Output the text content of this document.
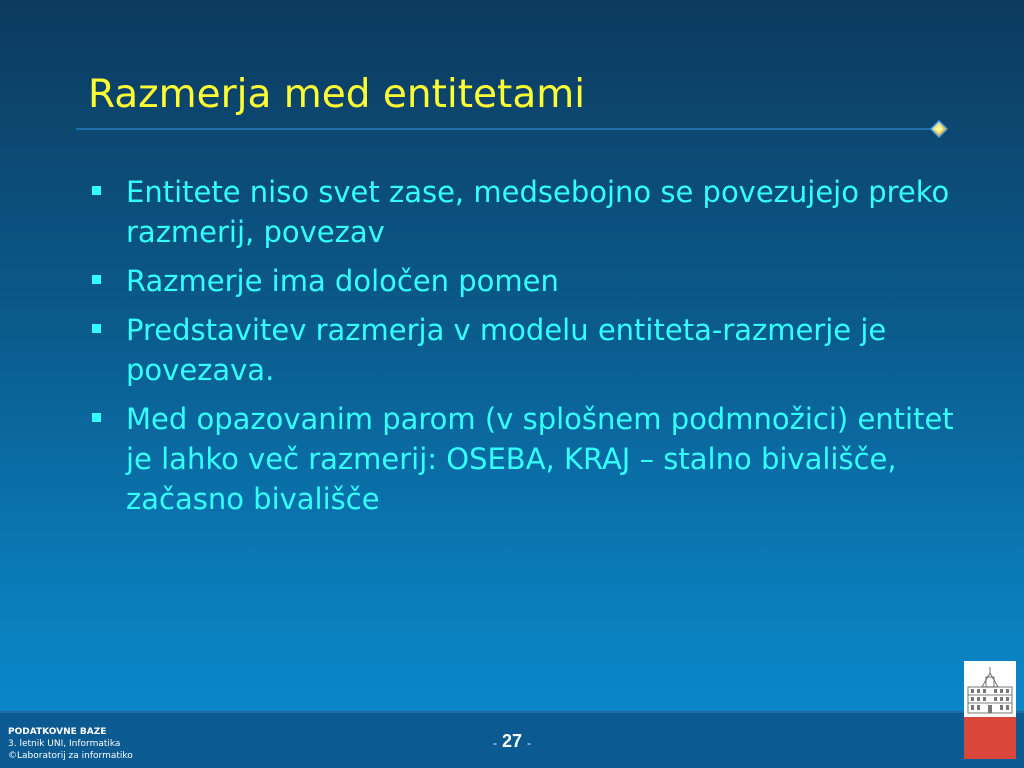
Razmerja med entitetami
Entitete niso svet zase, medsebojno se povezujejo preko razmerij, povezav
Razmerje ima določen pomen
Predstavitev razmerja v modelu entiteta-razmerje je povezava.
Med opazovanim parom (v splošnem podmnožici) entitet je lahko več razmerij: OSEBA, KRAJ – stalno bivališče, začasno bivališče
PODATKOVNE BAZE
3. letnik UNI, Informatika
©Laboratorij za informatiko
- 27 -
